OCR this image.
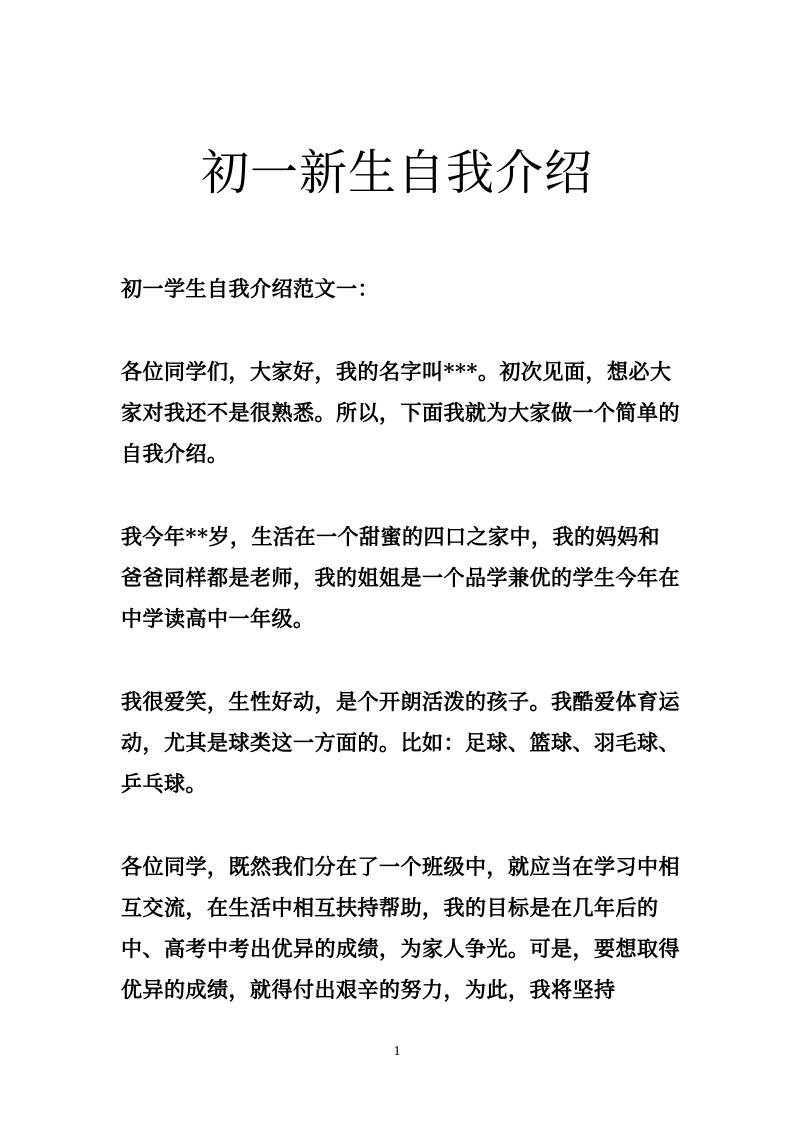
初一新生自我介绍

初一学生自我介绍范文一：

各位同学们，大家好，我的名字叫***。初次见面，想必大家对我还不是很熟悉。所以，下面我就为大家做一个简单的自我介绍。

我今年**岁，生活在一个甜蜜的四口之家中，我的妈妈和爸爸同样都是老师，我的姐姐是一个品学兼优的学生今年在中学读高中一年级。

我很爱笑，生性好动，是个开朗活泼的孩子。我酷爱体育运动，尤其是球类这一方面的。比如：足球、篮球、羽毛球、乒乓球。

各位同学，既然我们分在了一个班级中，就应当在学习中相互交流，在生活中相互扶持帮助，我的目标是在几年后的中、高考中考出优异的成绩，为家人争光。可是，要想取得优异的成绩，就得付出艰辛的努力，为此，我将坚持

1
